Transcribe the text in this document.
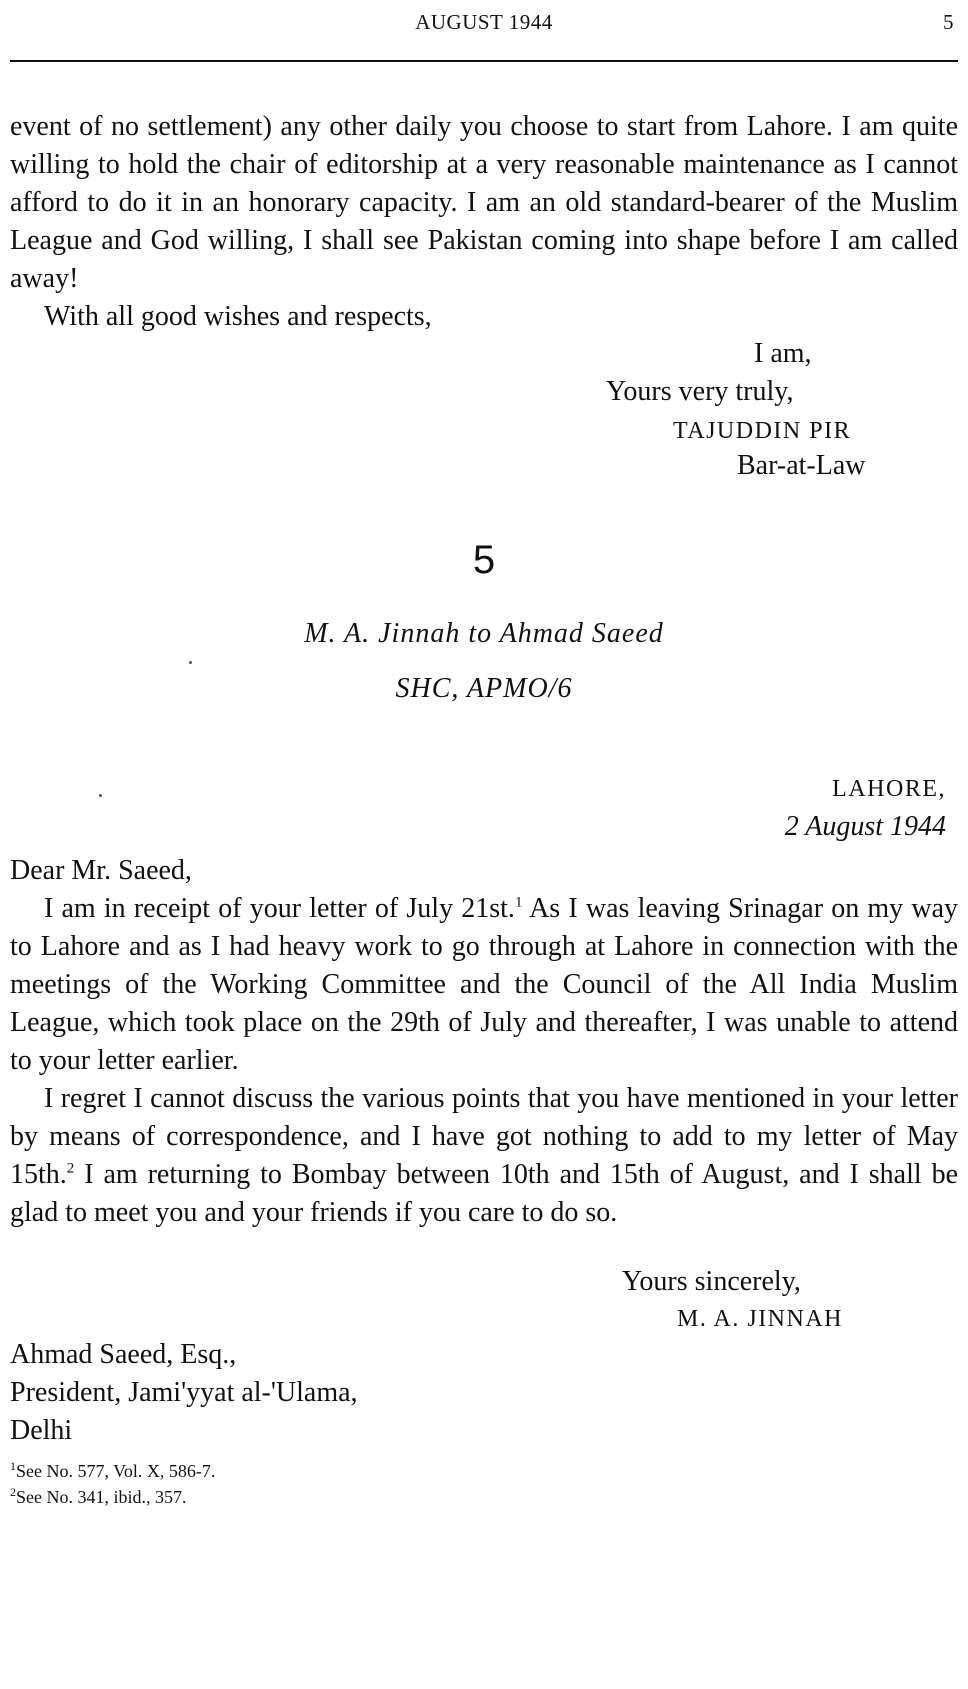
AUGUST 1944	5

event of no settlement) any other daily you choose to start from Lahore. I am quite willing to hold the chair of editorship at a very reasonable maintenance as I cannot afford to do it in an honorary capacity. I am an old standard-bearer of the Muslim League and God willing, I shall see Pakistan coming into shape before I am called away!

With all good wishes and respects,

I am,
Yours very truly,
TAJUDDIN PIR
Bar-at-Law
5
M. A. Jinnah to Ahmad Saeed
SHC, APMO/6
LAHORE,
2 August 1944

Dear Mr. Saeed,

I am in receipt of your letter of July 21st.$^1$ As I was leaving Srinagar on my way to Lahore and as I had heavy work to go through at Lahore in connection with the meetings of the Working Committee and the Council of the All India Muslim League, which took place on the 29th of July and thereafter, I was unable to attend to your letter earlier.

I regret I cannot discuss the various points that you have mentioned in your letter by means of correspondence, and I have got nothing to add to my letter of May 15th.$^2$ I am returning to Bombay between 10th and 15th of August, and I shall be glad to meet you and your friends if you care to do so.

Yours sincerely,
M. A. JINNAH
Ahmad Saeed, Esq.,
President, Jami'yyat al-'Ulama,
Delhi
$^1$See No. 577, Vol. X, 586-7.
$^2$See No. 341, ibid., 357.
